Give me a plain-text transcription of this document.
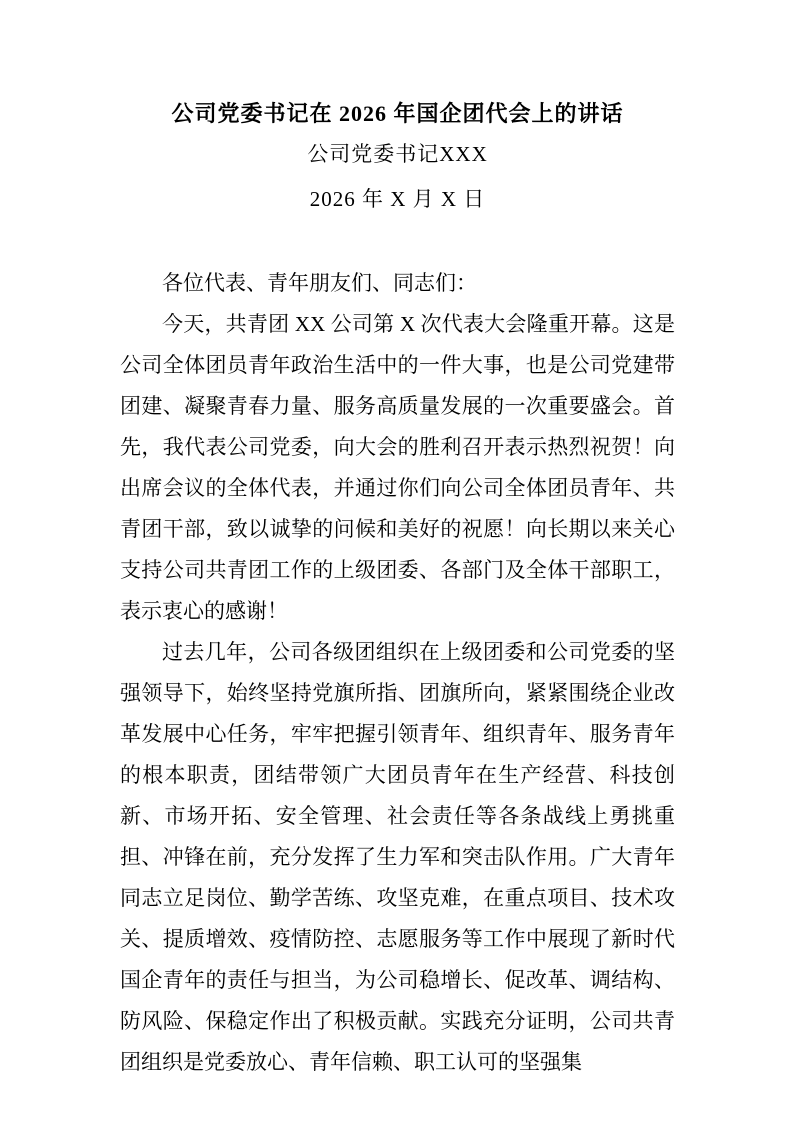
公司党委书记在 2026 年国企团代会上的讲话
公司党委书记XXX
2026 年 X 月 X 日

各位代表、青年朋友们、同志们：

今天，共青团 XX 公司第 X 次代表大会隆重开幕。这是公司全体团员青年政治生活中的一件大事，也是公司党建带团建、凝聚青春力量、服务高质量发展的一次重要盛会。首先，我代表公司党委，向大会的胜利召开表示热烈祝贺！向出席会议的全体代表，并通过你们向公司全体团员青年、共青团干部，致以诚挚的问候和美好的祝愿！向长期以来关心支持公司共青团工作的上级团委、各部门及全体干部职工，表示衷心的感谢！

过去几年，公司各级团组织在上级团委和公司党委的坚强领导下，始终坚持党旗所指、团旗所向，紧紧围绕企业改革发展中心任务，牢牢把握引领青年、组织青年、服务青年的根本职责，团结带领广大团员青年在生产经营、科技创新、市场开拓、安全管理、社会责任等各条战线上勇挑重担、冲锋在前，充分发挥了生力军和突击队作用。广大青年同志立足岗位、勤学苦练、攻坚克难，在重点项目、技术攻关、提质增效、疫情防控、志愿服务等工作中展现了新时代国企青年的责任与担当，为公司稳增长、促改革、调结构、防风险、保稳定作出了积极贡献。实践充分证明，公司共青团组织是党委放心、青年信赖、职工认可的坚强集
